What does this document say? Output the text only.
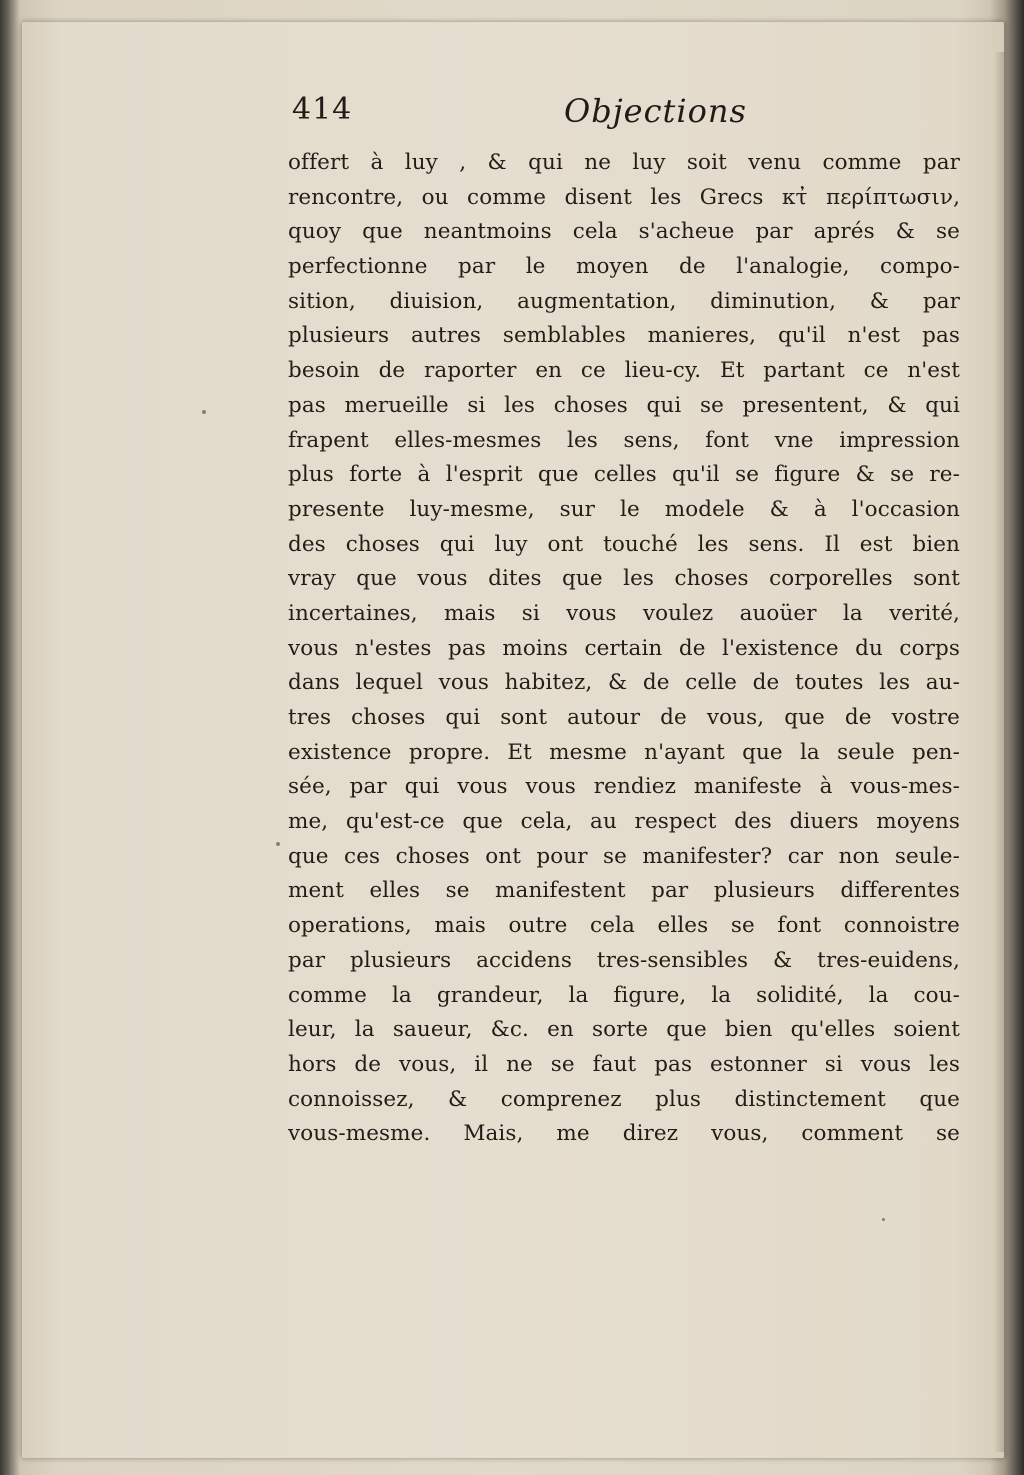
414	Objections
offert à luy , & qui ne luy soit venu comme par
rencontre, ou comme disent les Grecs κτ̓ περίπτωσιν,
quoy que neantmoins cela s'acheue par aprés & se
perfectionne par le moyen de l'analogie, compo-
sition, diuision, augmentation, diminution, & par
plusieurs autres semblables manieres, qu'il n'est pas
besoin de raporter en ce lieu-cy. Et partant ce n'est
pas merueille si les choses qui se presentent, & qui
frapent elles-mesmes les sens, font vne impression
plus forte à l'esprit que celles qu'il se figure & se re-
presente luy-mesme, sur le modele & à l'occasion
des choses qui luy ont touché les sens. Il est bien
vray que vous dites que les choses corporelles sont
incertaines, mais si vous voulez auoüer la verité,
vous n'estes pas moins certain de l'existence du corps
dans lequel vous habitez, & de celle de toutes les au-
tres choses qui sont autour de vous, que de vostre
existence propre. Et mesme n'ayant que la seule pen-
sée, par qui vous vous rendiez manifeste à vous-mes-
me, qu'est-ce que cela, au respect des diuers moyens
que ces choses ont pour se manifester? car non seule-
ment elles se manifestent par plusieurs differentes
operations, mais outre cela elles se font connoistre
par plusieurs accidens tres-sensibles & tres-euidens,
comme la grandeur, la figure, la solidité, la cou-
leur, la saueur, &c. en sorte que bien qu'elles soient
hors de vous, il ne se faut pas estonner si vous les
connoissez, & comprenez plus distinctement que
vous-mesme. Mais, me direz vous, comment se
